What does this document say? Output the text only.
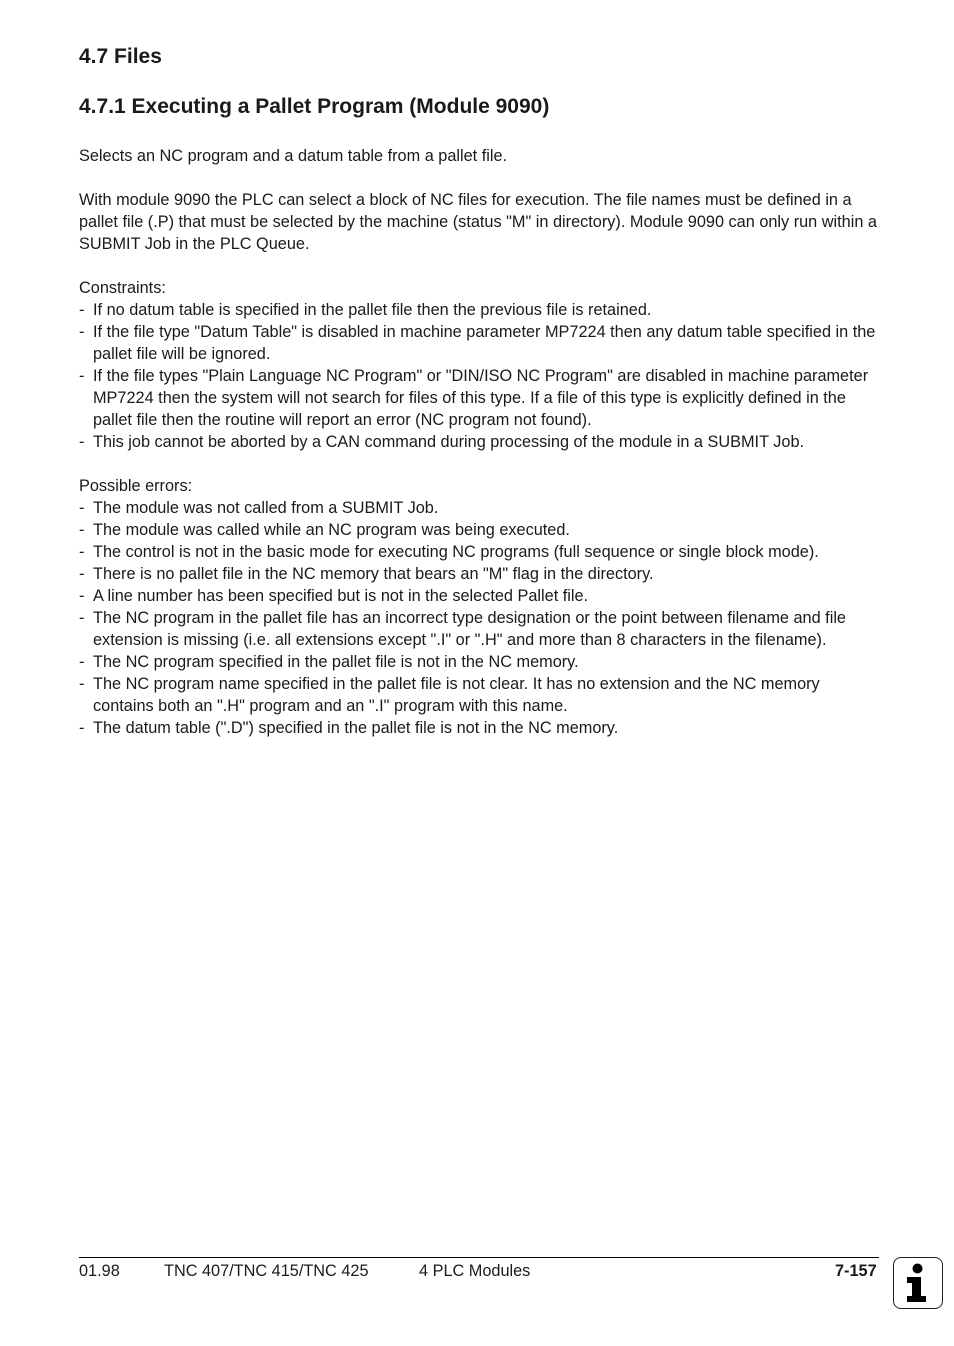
4.7 Files
4.7.1 Executing a Pallet Program (Module 9090)

Selects an NC program and a datum table from a pallet file.

With module 9090 the PLC can select a block of NC files for execution. The file names must be defined in a pallet file (.P) that must be selected by the machine (status "M" in directory). Module 9090 can only run within a SUBMIT Job in the PLC Queue.

Constraints:

- If no datum table is specified in the pallet file then the previous file is retained.
- If the file type "Datum Table" is disabled in machine parameter MP7224 then any datum table specified in the pallet file will be ignored.
- If the file types "Plain Language NC Program" or "DIN/ISO NC Program" are disabled in machine parameter MP7224 then the system will not search for files of this type. If a file of this type is explicitly defined in the pallet file then the routine will report an error (NC program not found).
- This job cannot be aborted by a CAN command during processing of the module in a SUBMIT Job.

Possible errors:

- The module was not called from a SUBMIT Job.
- The module was called while an NC program was being executed.
- The control is not in the basic mode for executing NC programs (full sequence or single block mode).
- There is no pallet file in the NC memory that bears an "M" flag in the directory.
- A line number has been specified but is not in the selected Pallet file.
- The NC program in the pallet file has an incorrect type designation or the point between filename and file extension is missing (i.e. all extensions except ".I" or ".H" and more than 8 characters in the filename).
- The NC program specified in the pallet file is not in the NC memory.
- The NC program name specified in the pallet file is not clear. It has no extension and the NC memory contains both an ".H" program and an ".I" program with this name.
- The datum table (".D") specified in the pallet file is not in the NC memory.
01.98	TNC 407/TNC 415/TNC 425	4 PLC Modules	7-157
